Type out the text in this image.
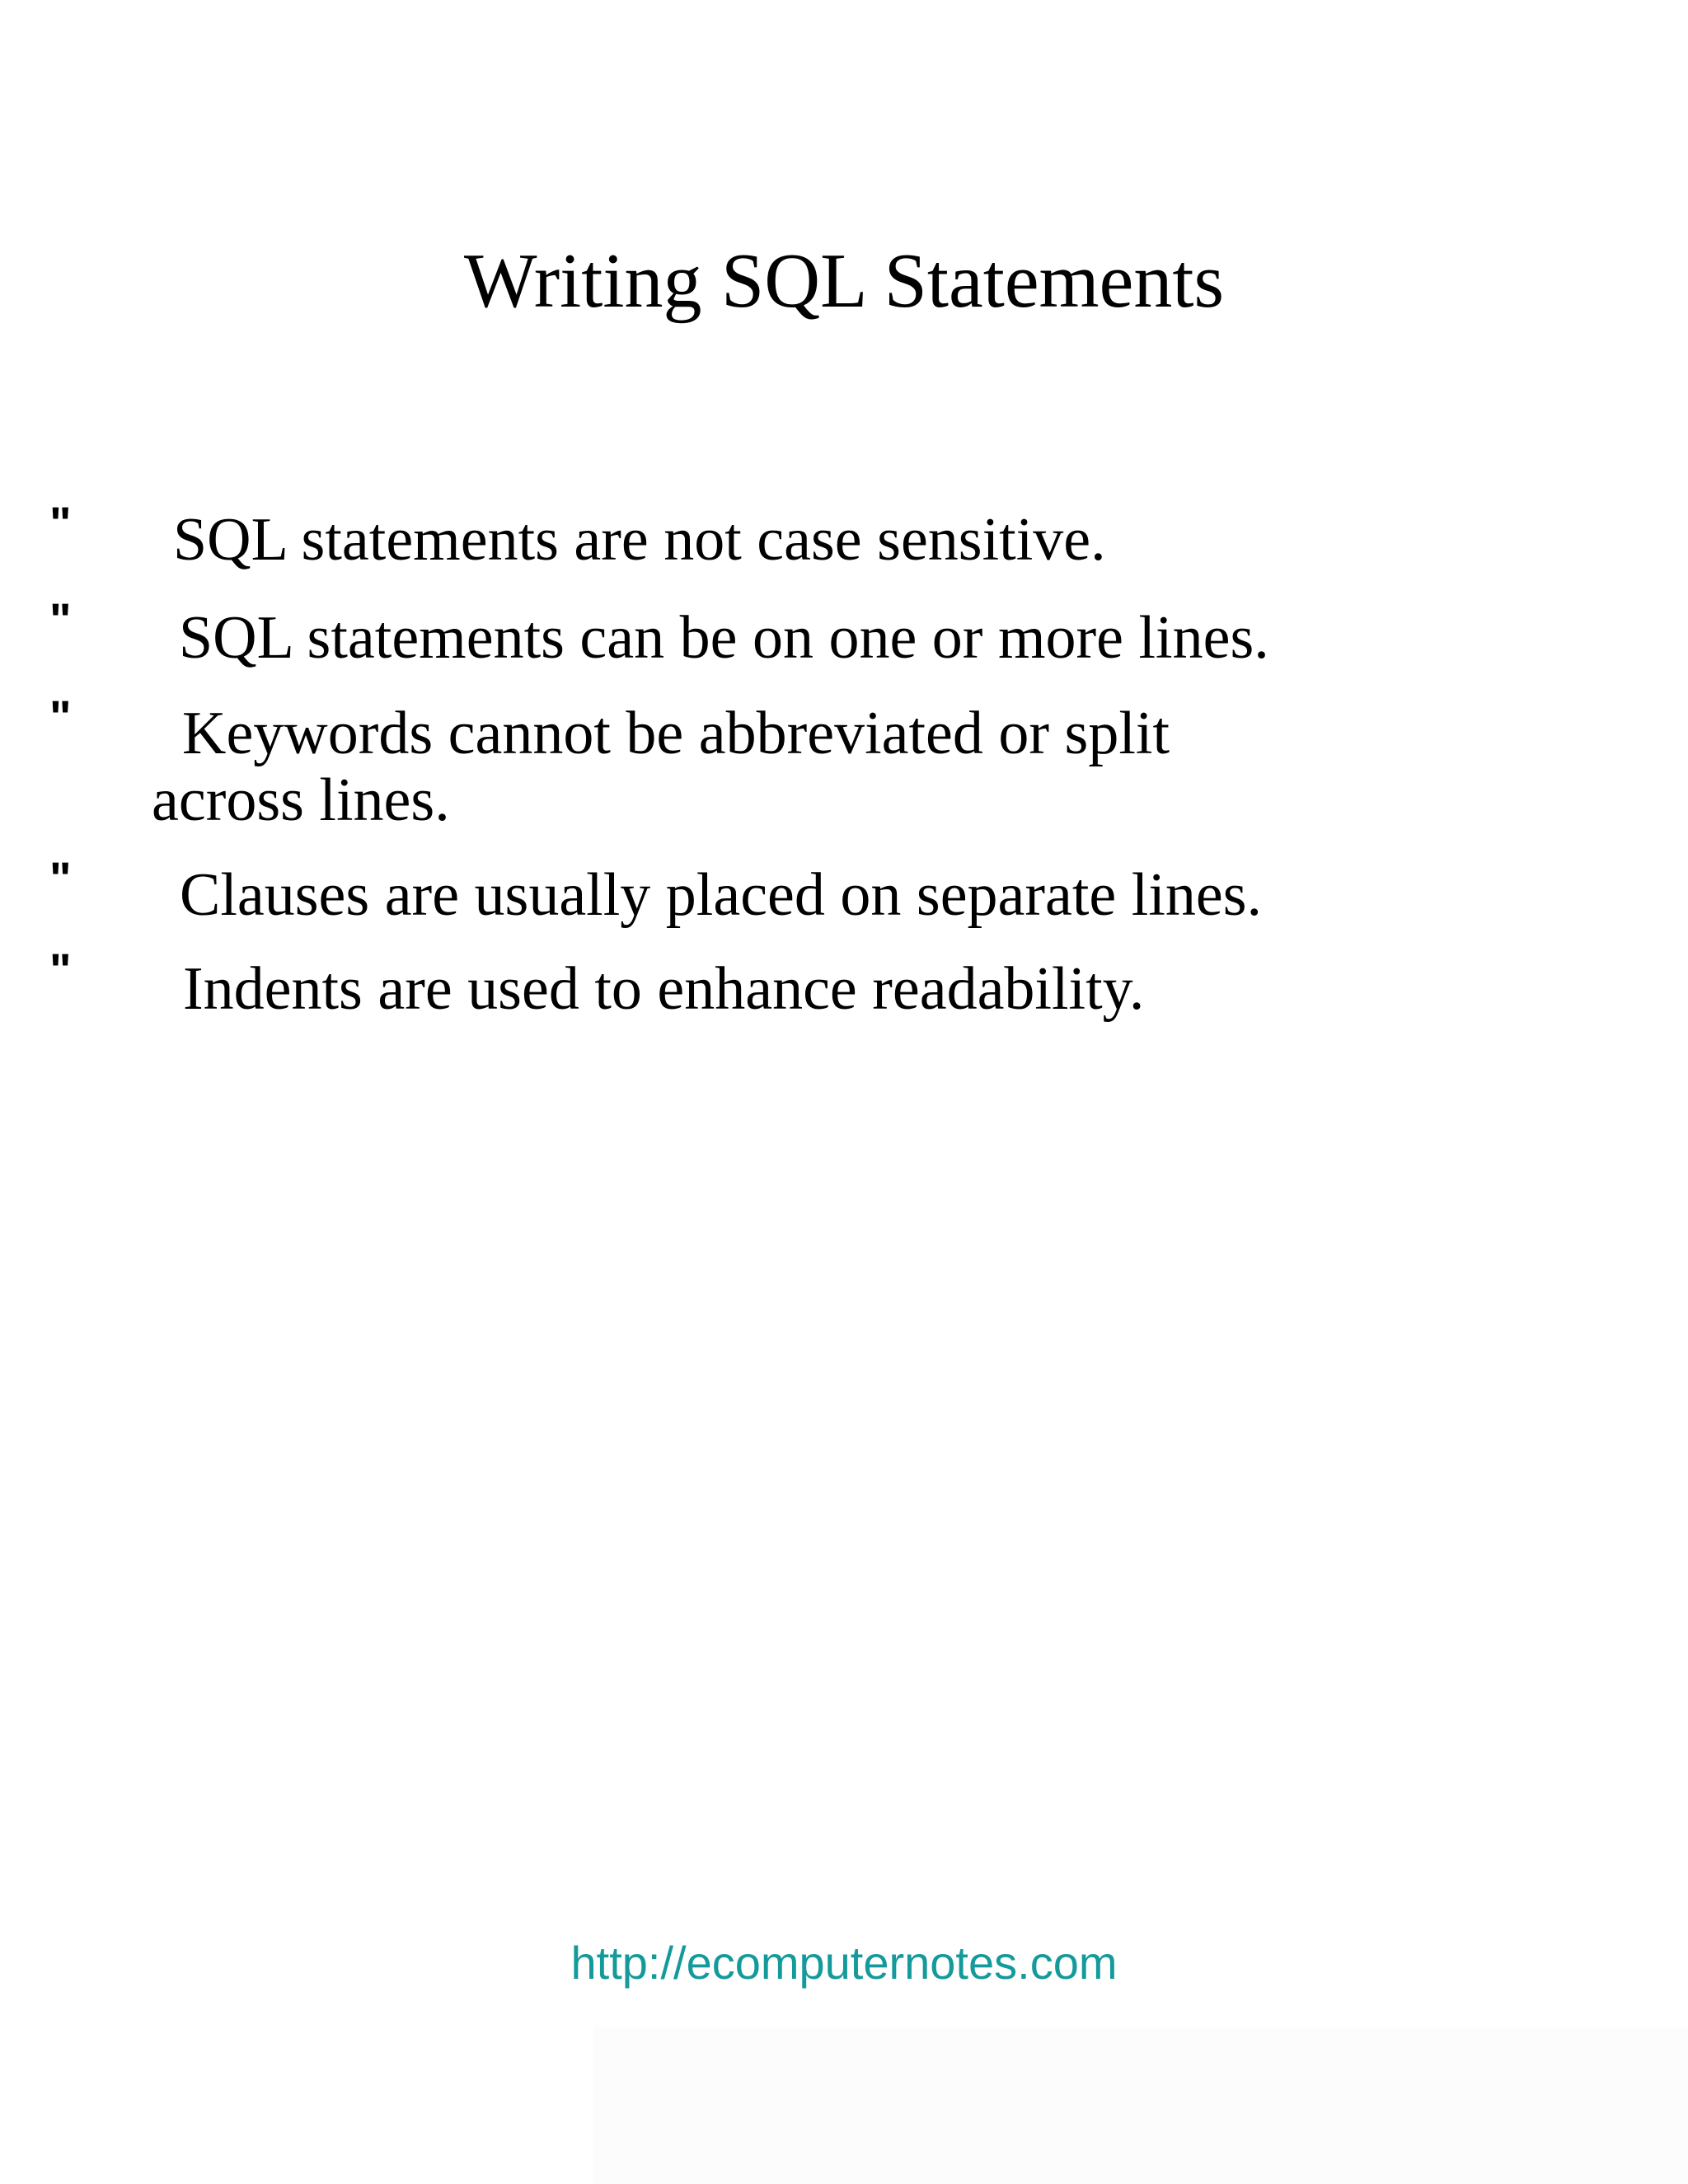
Writing SQL Statements
" SQL statements are not case sensitive.
" SQL statements can be on one or more lines.
" Keywords cannot be abbreviated or split
across lines.
" Clauses are usually placed on separate lines.
" Indents are used to enhance readability.
http://ecomputernotes.com
